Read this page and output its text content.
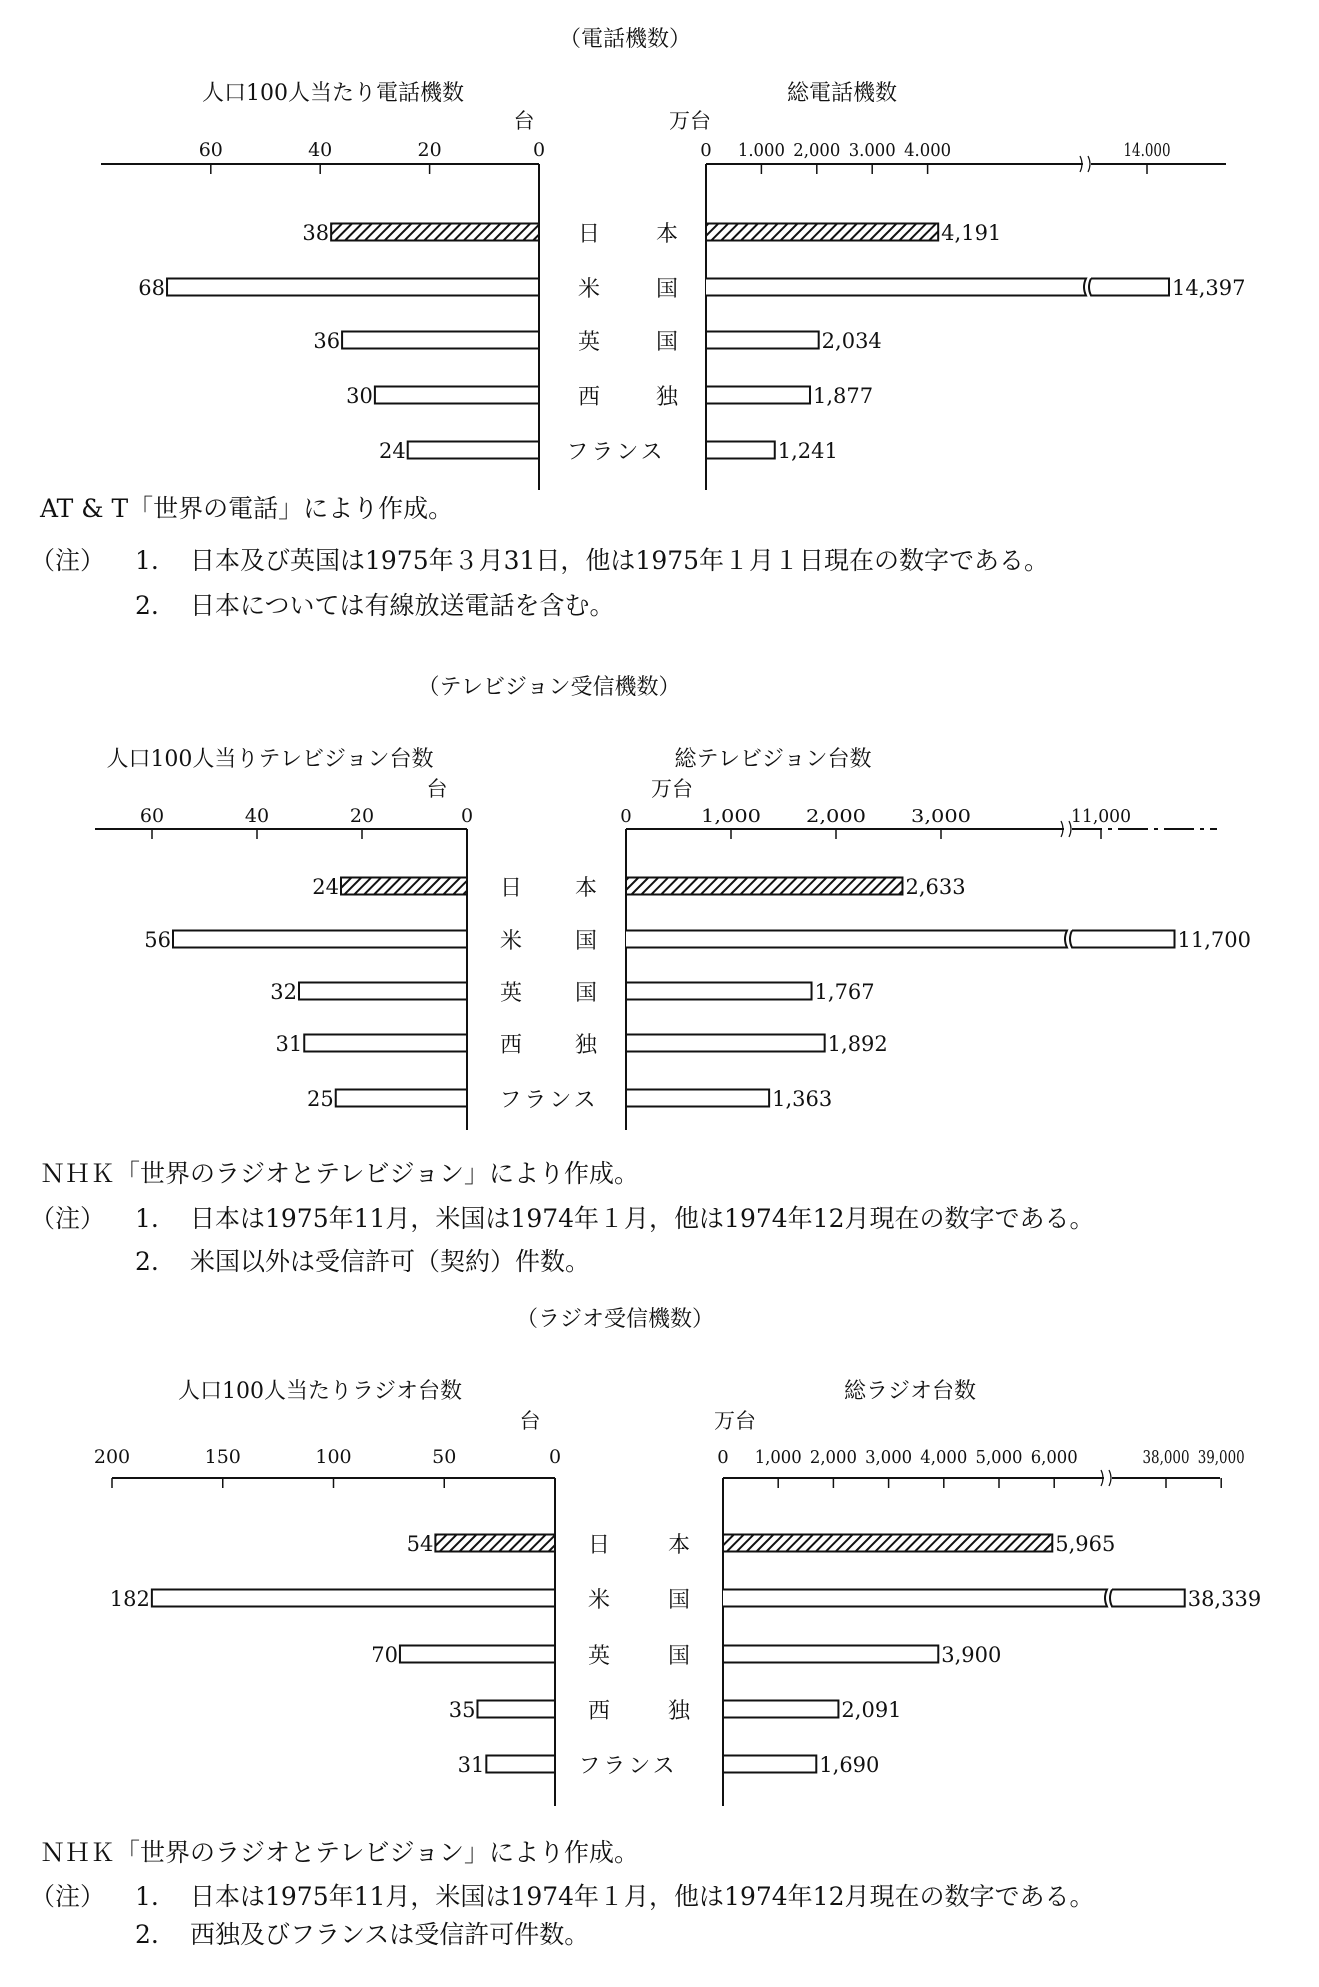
（電話機数）
人口100人当たり電話機数	総電話機数
台	万台
60	40	20	0	0 1.000 2,000 3.000 4.000	14.000
38	4,191
日　本
68	14,397
米　国
36	2,034
英　国
30	1,877
西　独
24	1,241
フランス
（テレビジョン受信機数）
人口100人当りテレビジョン台数	総テレビジョン台数
台	万台
60	40	20	0	0	1,000	2,000	3,000	11,000
24	2,633
日　本
56	11,700
米　国
32	1,767
英　国
31	1,892
西　独
25	1,363
フランス
（ラジオ受信機数）
人口100人当たりラジオ台数	総ラジオ台数
台	万台
200	150	100	50	0	0 1,000 2,000 3,000 4,000 5,000 6,000	38,000 39,000
54	5,965
日　本
182	38,339
米　国
70	3,900
英　国
35	2,091
西　独
31	1,690
フランス
AT & T「世界の電話」により作成。
（注） 1. 日本及び英国は1975年３月31日，他は1975年１月１日現在の数字である。
2. 日本については有線放送電話を含む。
ＮＨＫ「世界のラジオとテレビジョン」により作成。
（注） 1. 日本は1975年11月，米国は1974年１月，他は1974年12月現在の数字である。
2. 米国以外は受信許可（契約）件数。
ＮＨＫ「世界のラジオとテレビジョン」により作成。
（注） 1. 日本は1975年11月，米国は1974年１月，他は1974年12月現在の数字である。
2. 西独及びフランスは受信許可件数。
